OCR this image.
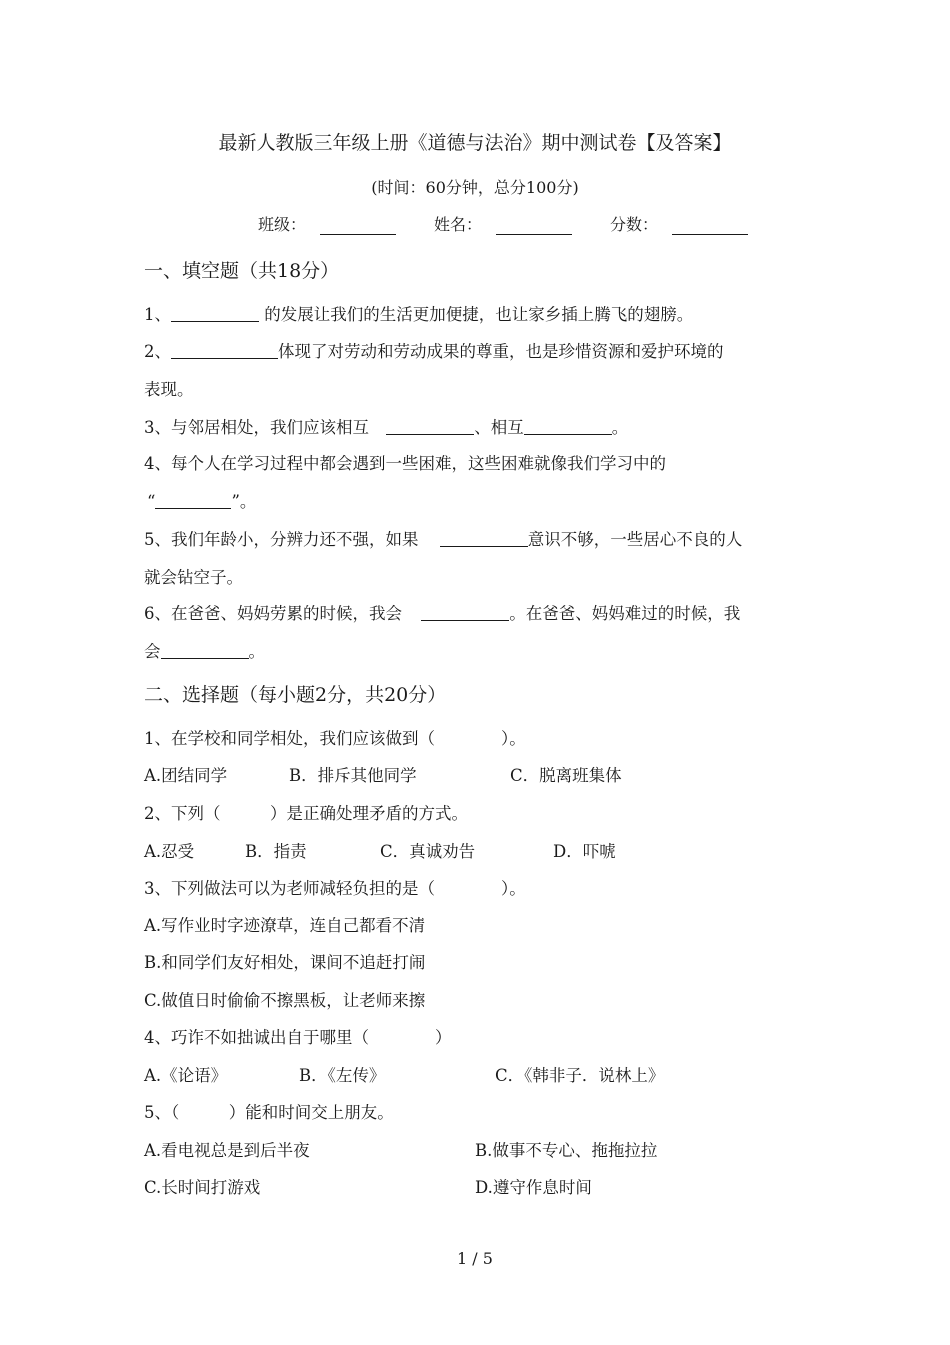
最新人教版三年级上册《道德与法治》期中测试卷【及答案】
(时间：60分钟，总分100分)
班级：	姓名：	分数：
一、填空题（共18分）
1、	的发展让我们的生活更加便捷，也让家乡插上腾飞的翅膀。
2、	体现了对劳动和劳动成果的尊重，也是珍惜资源和爱护环境的
表现。
3、与邻居相处，我们应该相互	、相互	。
4、每个人在学习过程中都会遇到一些困难，这些困难就像我们学习中的
“	”。
5、我们年龄小，分辨力还不强，如果	意识不够，一些居心不良的人
就会钻空子。
6、在爸爸、妈妈劳累的时候，我会	。在爸爸、妈妈难过的时候，我
会	。
二、选择题（每小题2分，共20分）
1、在学校和同学相处，我们应该做到（　　　　）。
A.团结同学	B．排斥其他同学	C．脱离班集体
2、下列（　　　）是正确处理矛盾的方式。
A.忍受	B．指责	C．真诚劝告	D．吓唬
3、下列做法可以为老师减轻负担的是（　　　　）。
A.写作业时字迹潦草，连自己都看不清
B.和同学们友好相处，课间不追赶打闹
C.做值日时偷偷不擦黑板，让老师来擦
4、巧诈不如拙诚出自于哪里（　　　　）
A.《论语》	B．《左传》	C．《韩非子．说林上》
5、（　　　）能和时间交上朋友。
A.看电视总是到后半夜	B.做事不专心、拖拖拉拉
C.长时间打游戏	D.遵守作息时间
1 / 5
